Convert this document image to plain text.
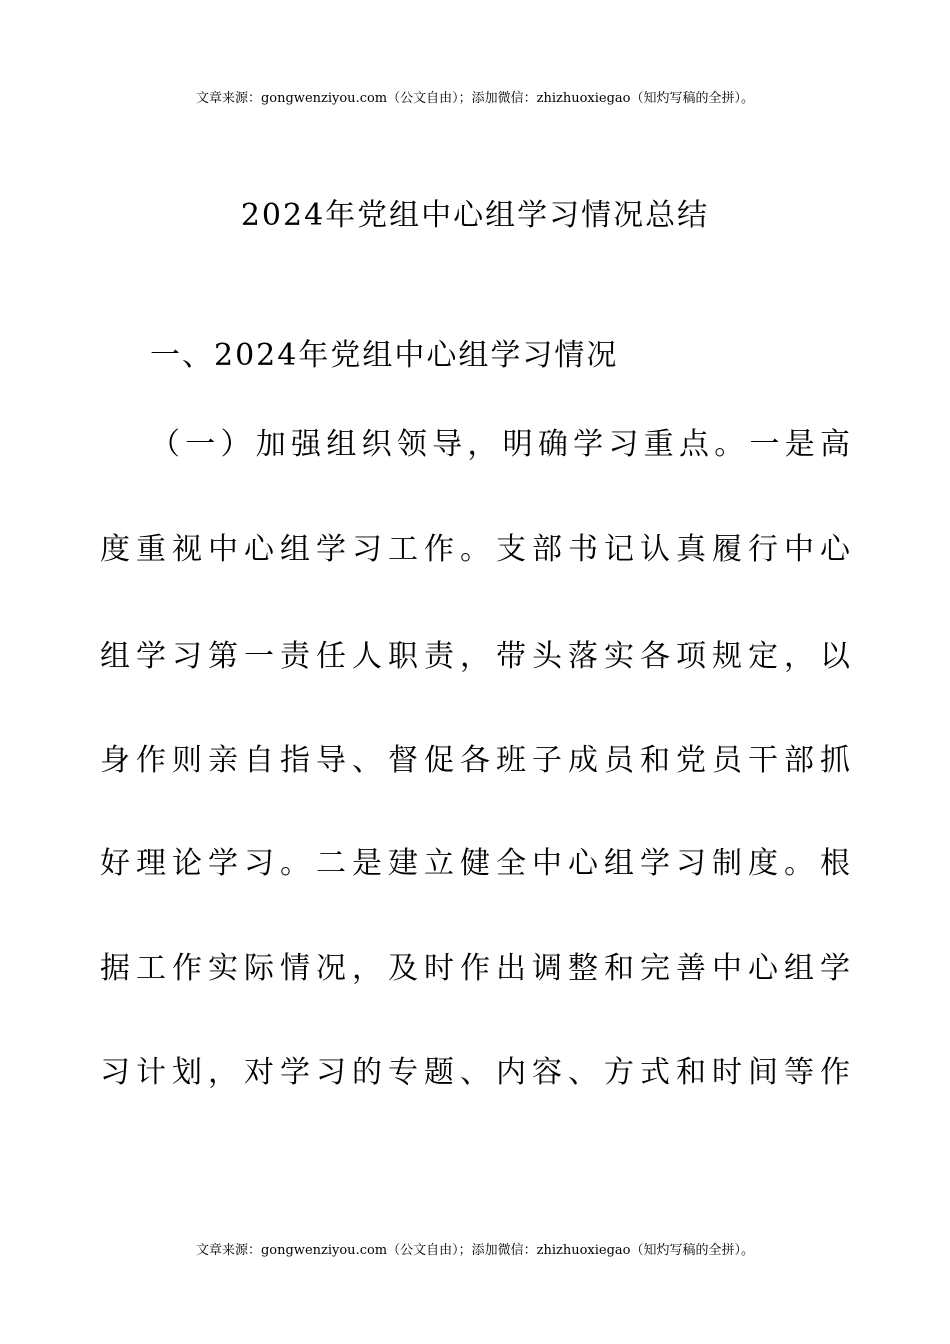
文章来源：gongwenziyou.com（公文自由）；添加微信：zhizhuoxiegao（知灼写稿的全拼）。
2024年党组中心组学习情况总结
一、2024年党组中心组学习情况
（一）加强组织领导，明确学习重点。一是高
度重视中心组学习工作。支部书记认真履行中心
组学习第一责任人职责，带头落实各项规定，以
身作则亲自指导、督促各班子成员和党员干部抓
好理论学习。二是建立健全中心组学习制度。根
据工作实际情况，及时作出调整和完善中心组学
习计划，对学习的专题、内容、方式和时间等作
文章来源：gongwenziyou.com（公文自由）；添加微信：zhizhuoxiegao（知灼写稿的全拼）。
